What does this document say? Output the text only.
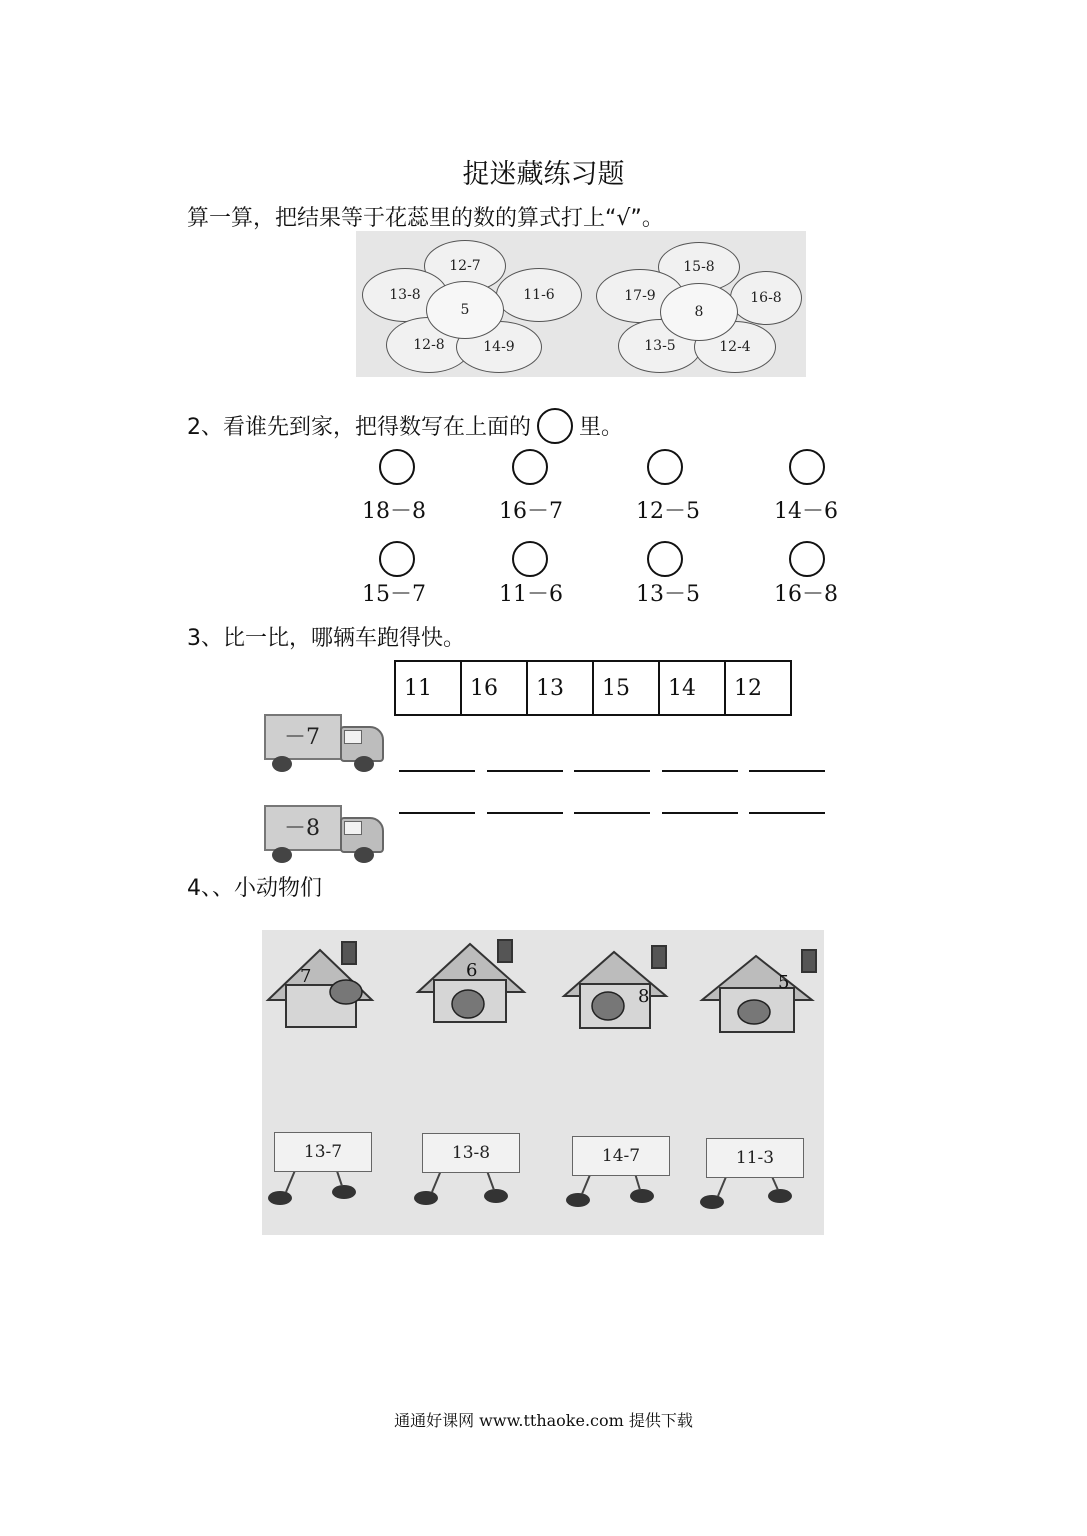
捉迷藏练习题
算一算，把结果等于花蕊里的数的算式打上“√”。
12-7
13-8	11-6
12-8	14-9
5
15-8
17-9	16-8
13-5	12-4
8
2、看谁先到家，把得数写在上面的 里。
18－8	16－7	12－5	14－6
15－7	11－6	13－5	16－8
3、比一比，哪辆车跑得快。
11	16	13	15	14	12
－7
－8
4、、小动物们
7	6
8
5
13-7	13-8	14-7	11-3
通通好课网 www.tthaoke.com 提供下载
